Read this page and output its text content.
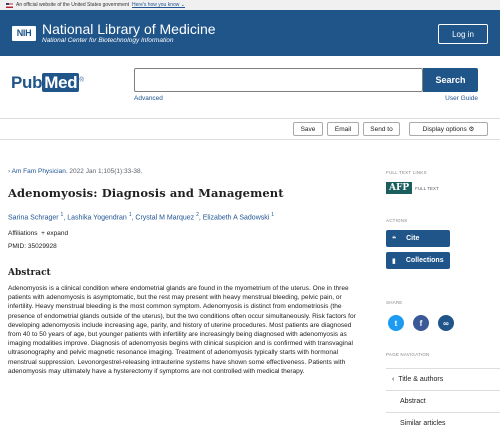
An official website of the United States government Here's how you know ⌄
NIH National Library of Medicine
National Center for Biotechnology Information
Log in
Pub Med ®	Search
Advanced	User Guide
Save	Email	Send to	Display options ⚙
› Am Fam Physician. 2022 Jan 1;105(1):33-38.
Adenomyosis: Diagnosis and Management
Sarina Schrager $^1$, Lashika Yogendran $^1$, Crystal M Marquez $^2$, Elizabeth A Sadowski $^1$
Affiliations + expand
PMID: 35029928
Abstract

Adenomyosis is a clinical condition where endometrial glands are found in the myometrium of the uterus. One in three patients with adenomyosis is asymptomatic, but the rest may present with heavy menstrual bleeding, pelvic pain, or infertility. Heavy menstrual bleeding is the most common symptom. Adenomyosis is distinct from endometriosis (the presence of endometrial glands outside of the uterus), but the two conditions often occur simultaneously. Risk factors for developing adenomyosis include increasing age, parity, and history of uterine procedures. Most patients are diagnosed from 40 to 50 years of age, but younger patients with infertility are increasingly being diagnosed with adenomyosis as imaging modalities improve. Diagnosis of adenomyosis begins with clinical suspicion and is confirmed with transvaginal ultrasonography and pelvic magnetic resonance imaging. Treatment of adenomyosis typically starts with hormonal menstrual suppression. Levonorgestrel-releasing intrauterine systems have shown some effectiveness. Patients with adenomyosis may ultimately have a hysterectomy if symptoms are not controlled with medical therapy.

FULL TEXT LINKS
AFP	FULL TEXT
ACTIONS
❝ Cite
▮ Collections
SHARE
t	f	∞
PAGE NAVIGATION
‹ Title & authors
Abstract
Similar articles
